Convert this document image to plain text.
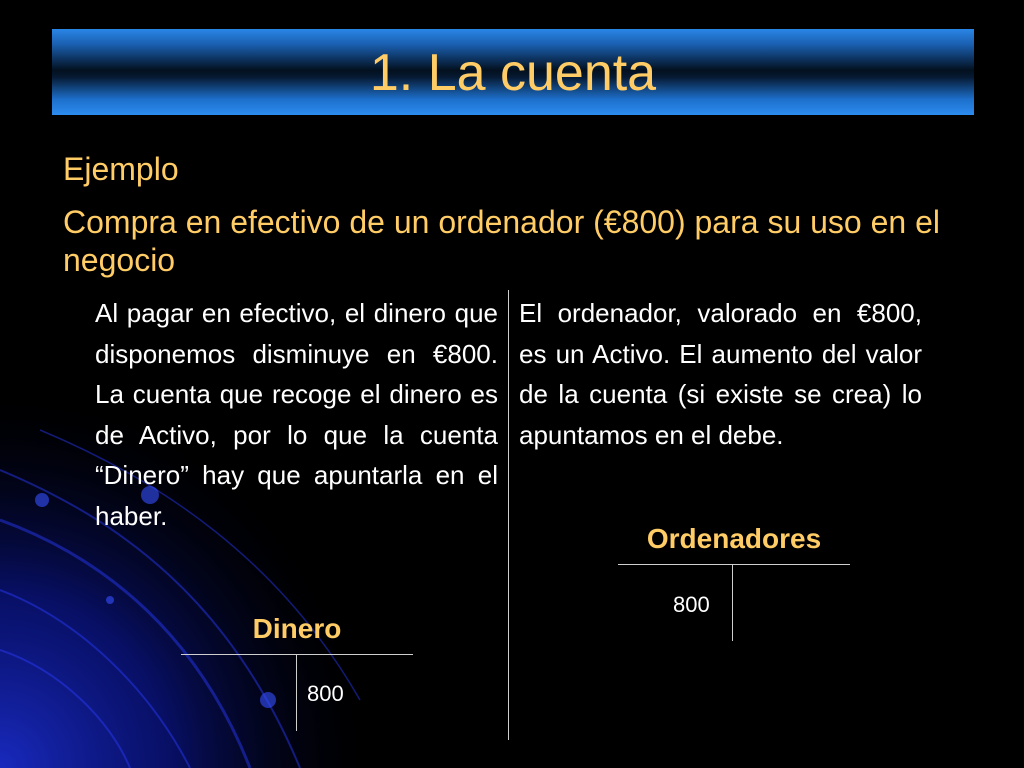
1. La cuenta

Ejemplo

Compra en efectivo de un ordenador (€800) para su uso en el negocio

Al pagar en efectivo, el dinero que disponemos disminuye en €800. La cuenta que recoge el dinero es de Activo, por lo que la cuenta “Dinero” hay que apuntarla en el haber.

El ordenador, valorado en €800, es un Activo. El aumento del valor de la cuenta (si existe se crea) lo apuntamos en el debe.

Ordenadores
800
Dinero
800
